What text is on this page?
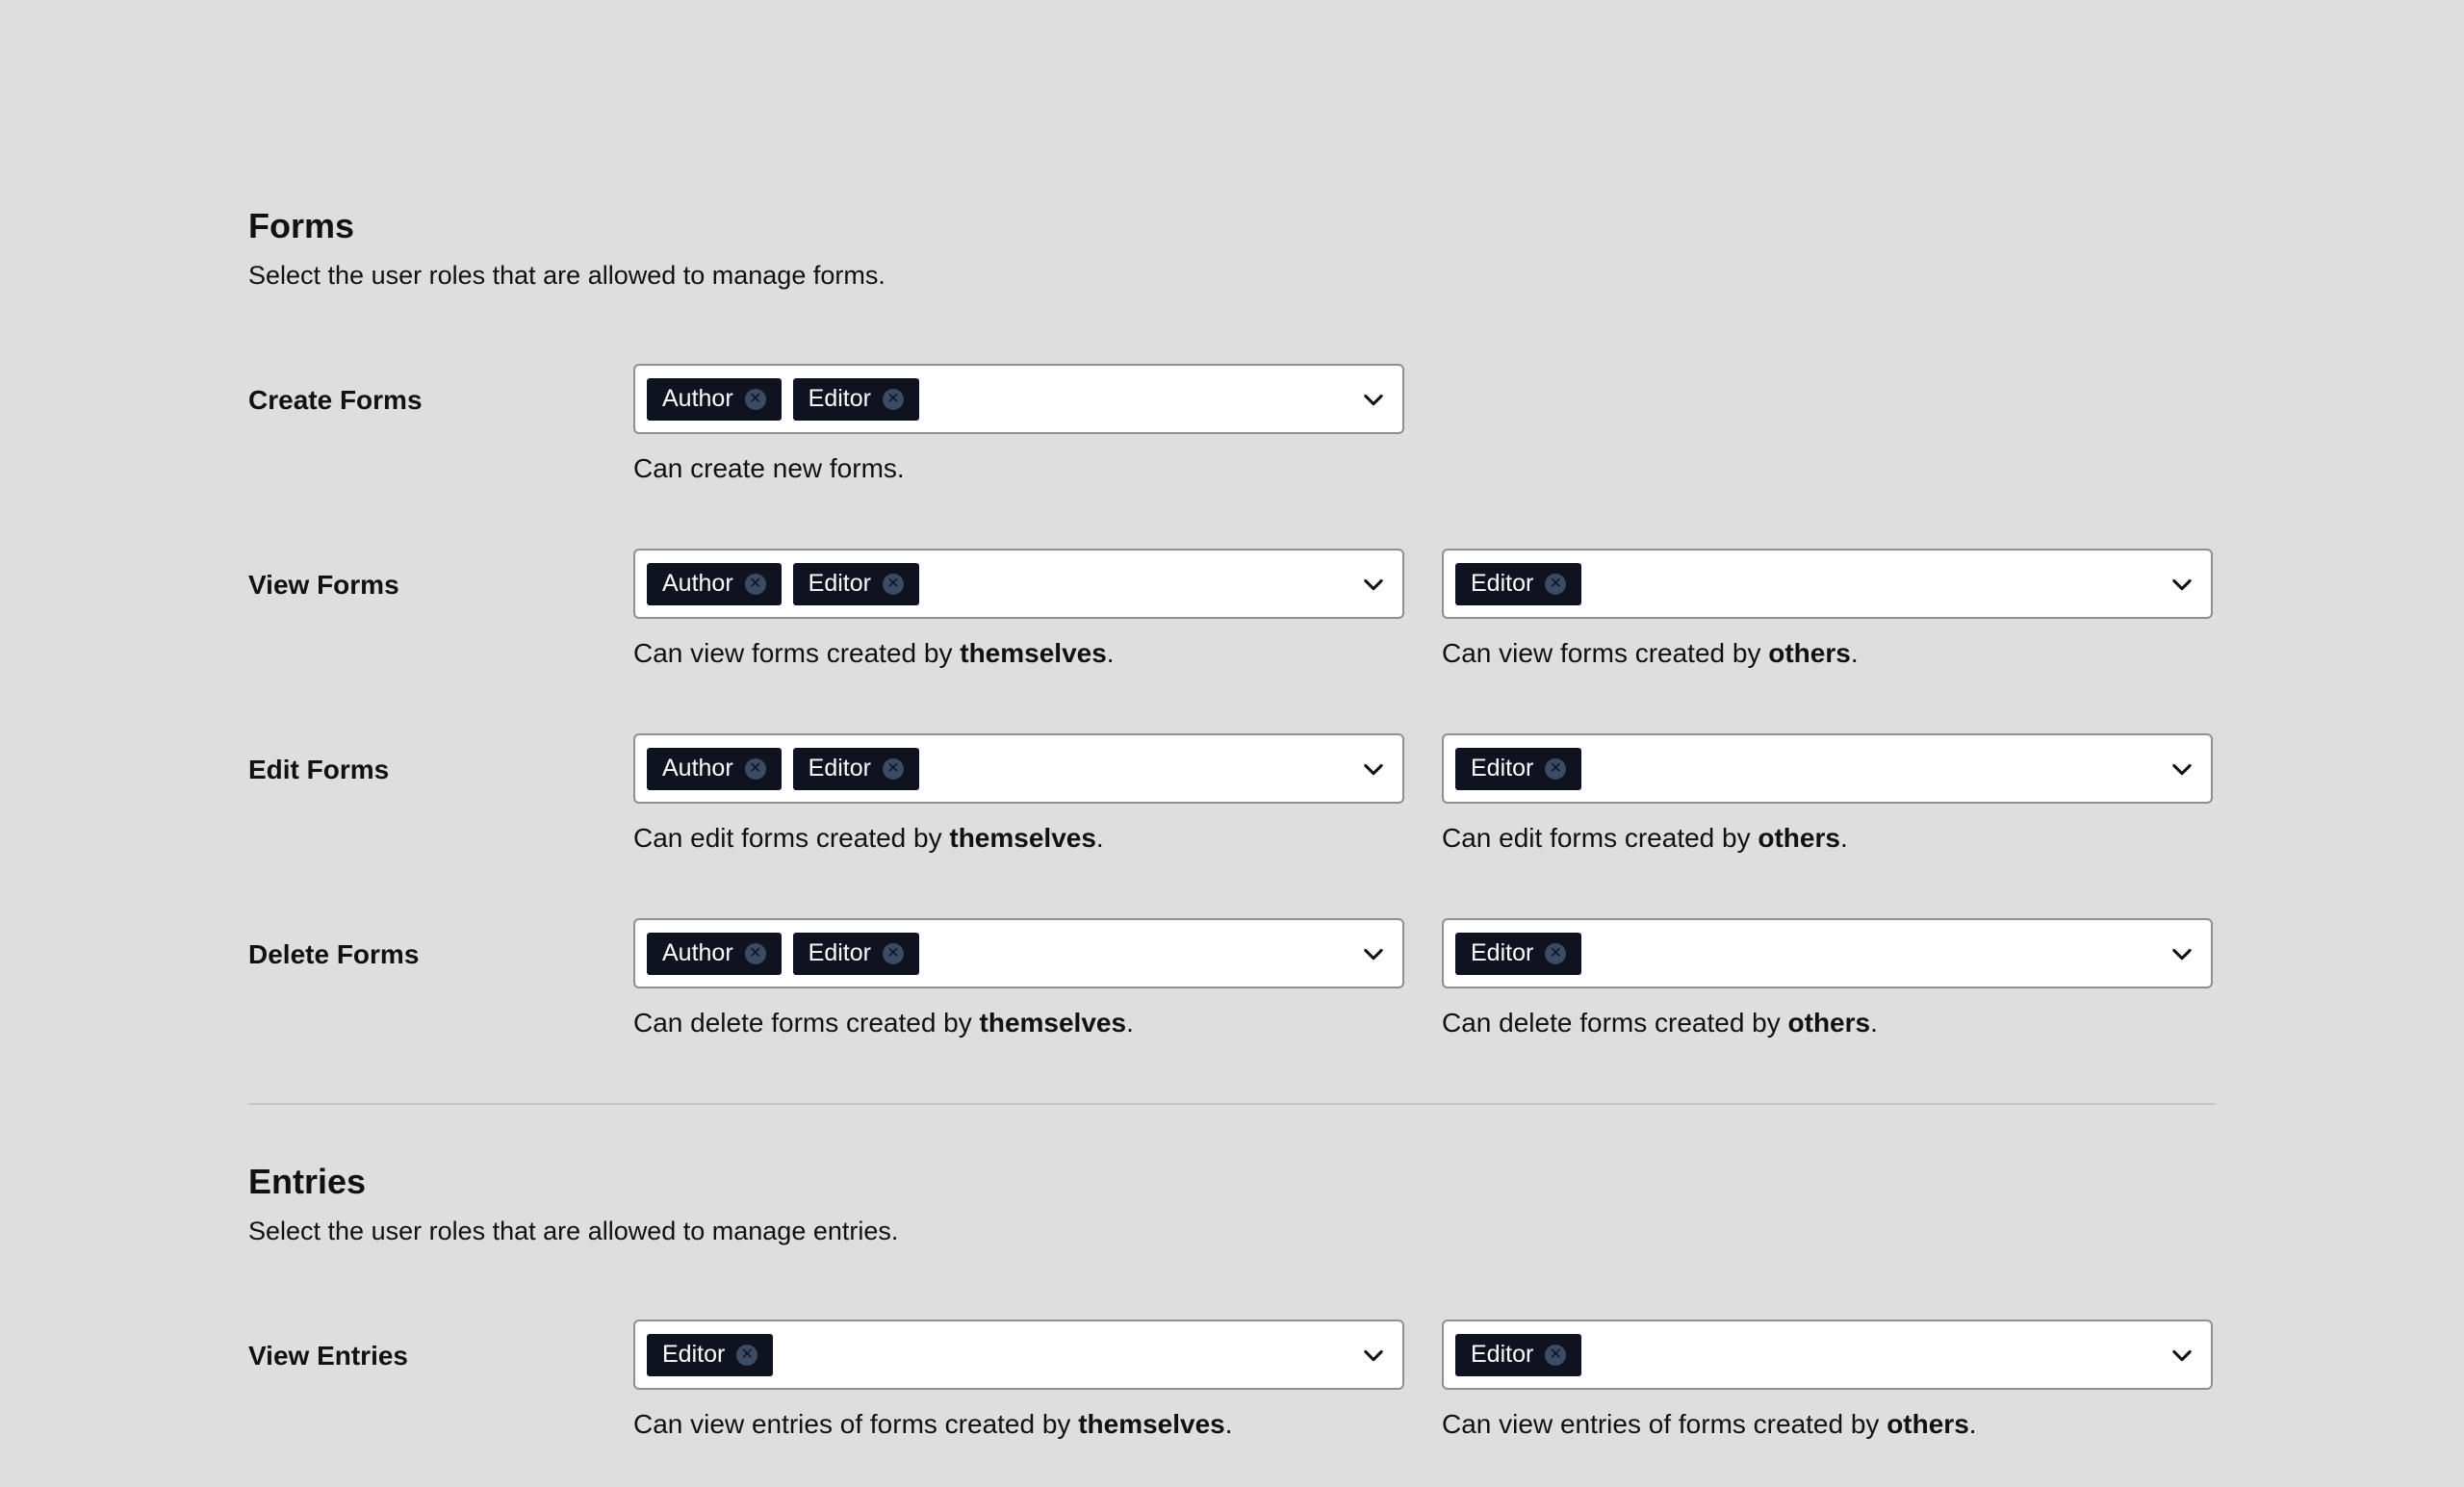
Forms

Select the user roles that are allowed to manage forms.

Create Forms	Author ✕ Editor ✕

Can create new forms.

View Forms	Author ✕ Editor ✕

Can view forms created by themselves.

Editor ✕

Can view forms created by others.

Edit Forms	Author ✕ Editor ✕

Can edit forms created by themselves.

Editor ✕

Can edit forms created by others.

Delete Forms	Author ✕ Editor ✕

Can delete forms created by themselves.

Editor ✕

Can delete forms created by others.

Entries

Select the user roles that are allowed to manage entries.

View Entries	Editor ✕

Can view entries of forms created by themselves.

Editor ✕

Can view entries of forms created by others.
